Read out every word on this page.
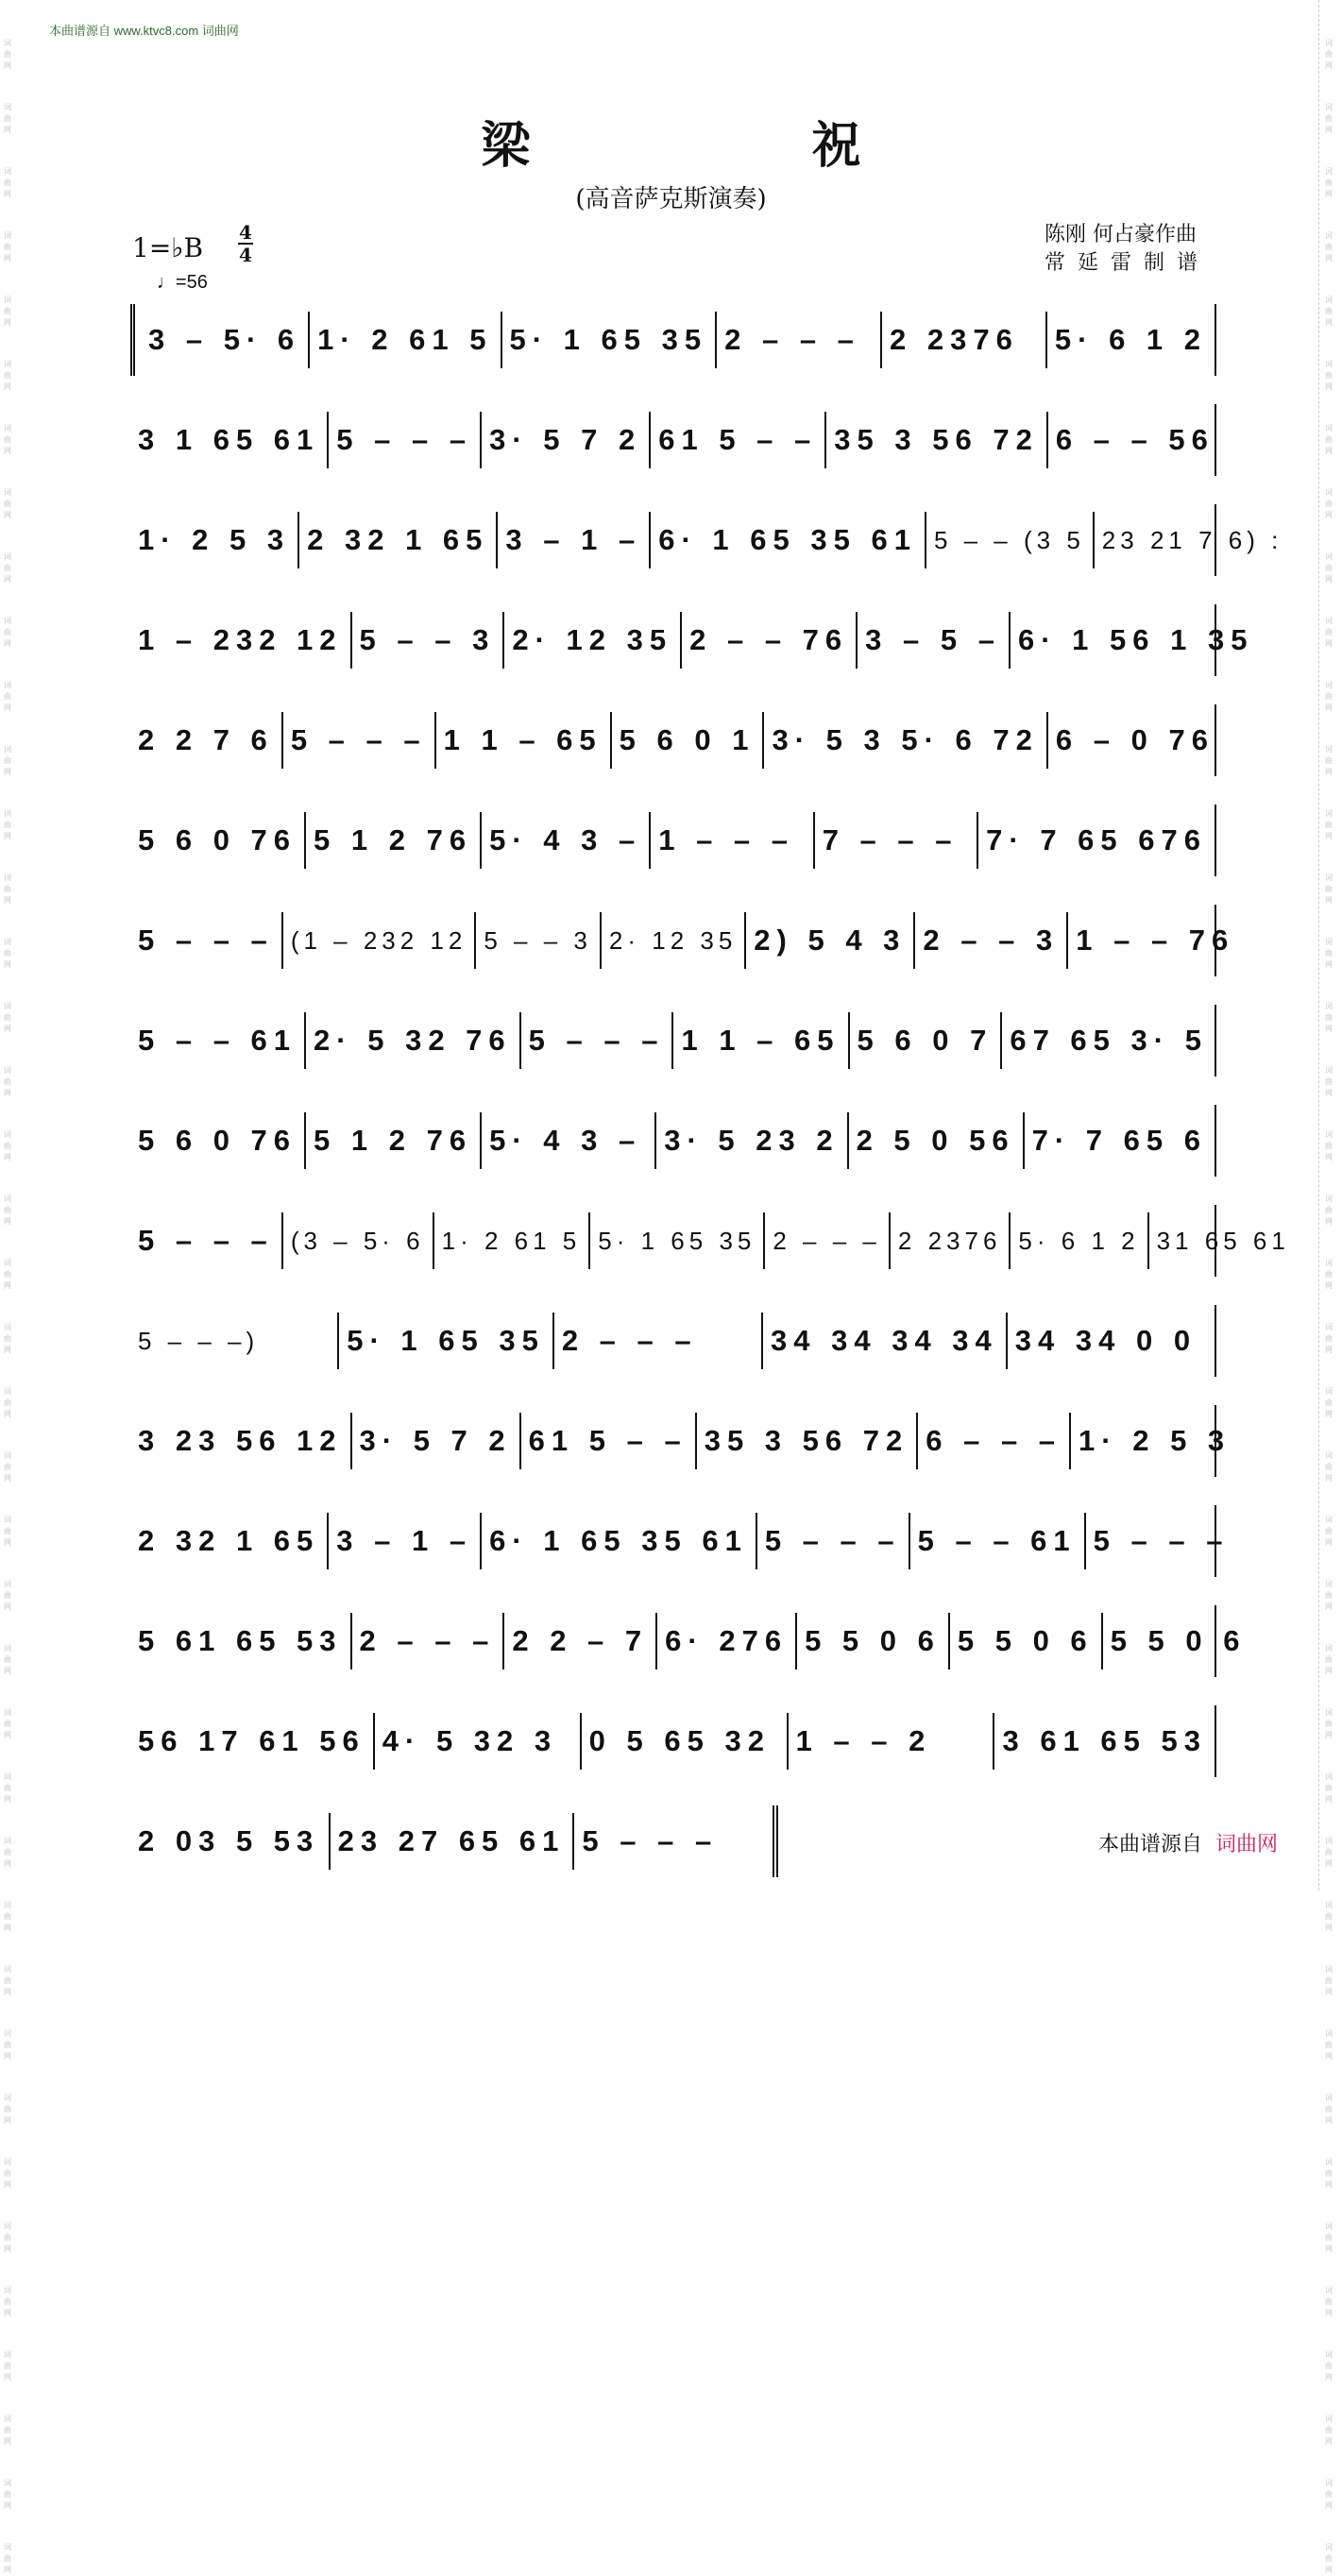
本曲谱源自 www.ktvc8.com 词曲网
词曲网
词曲网
词曲网
词曲网
词曲网
词曲网
词曲网
词曲网
词曲网
词曲网
词曲网
词曲网
词曲网
词曲网
词曲网
词曲网
词曲网
词曲网
词曲网
词曲网
词曲网
词曲网
词曲网
词曲网
词曲网
词曲网
词曲网
词曲网
词曲网
词曲网
词曲网
词曲网
词曲网
词曲网
词曲网
词曲网
词曲网
词曲网
词曲网
词曲网
词曲网
词曲网
词曲网
词曲网
词曲网
词曲网
词曲网
词曲网
词曲网
词曲网
词曲网
词曲网
词曲网
词曲网
词曲网
词曲网
词曲网
词曲网
词曲网
词曲网
词曲网
词曲网
词曲网
词曲网
词曲网
词曲网
词曲网
词曲网
词曲网
词曲网
词曲网
词曲网
词曲网
词曲网
词曲网
词曲网
词曲网
词曲网
词曲网
词曲网
梁 祝
(高音萨克斯演奏)
1=♭B 4
4
♩=56
陈刚 何占豪作曲
常延雷制谱
3 – 5· 6 1· 2 61 5 5· 1 65 35 2 – – –	2 2376	5· 6 1 2
3 1 65 61 5 – – – 3· 5 7 2 61 5 – – 35 3 56 72 6 – – 56
1· 2 5 3 2 32 1 65 3 – 1 – 6· 1 65 35 61 5 – – (3 5 23 21 7 6) :
1 – 232 12 5 – – 3 2· 12 35 2 – – 76 3 – 5 – 6· 1 56 1 35
2 2 7 6 5 – – – 1 1 – 65 5 6 0 1 3· 5 3 5· 6 72 6 – 0 76
5 6 0 76 5 1 2 76 5· 4 3 – 1 – – – 7 – – – 7· 7 65 676
5 – – – (1 – 232 12 5 – – 3 2· 12 35 2) 5 4 3 2 – – 3 1 – – 76
5 – – 61 2· 5 32 76 5 – – – 1 1 – 65 5 6 0 7 67 65 3· 5
5 6 0 76 5 1 2 76 5· 4 3 – 3· 5 23 2 2 5 0 56 7· 7 65 6
5 – – – (3 – 5· 6 1· 2 61 5 5· 1 65 35 2 – – – 2 2376 5· 6 1 2 31 65 61
5 – – –)	5· 1 65 35 2 – – –	34 34 34 34 34 34 0 0
3 23 56 12 3· 5 7 2 61 5 – – 35 3 56 72 6 – – – 1· 2 5 3
2 32 1 65 3 – 1 – 6· 1 65 35 61 5 – – – 5 – – 61 5 – – –
5 61 65 53 2 – – – 2 2 – 7 6· 276 5 5 0 6 5 5 0 6 5 5 0 6
56 17 61 56 4· 5 32 3	0 5 65 32 1 – – 2	3 61 65 53
2 03 5 53 23 27 65 61 5 – – –	本曲谱源自 词曲网
